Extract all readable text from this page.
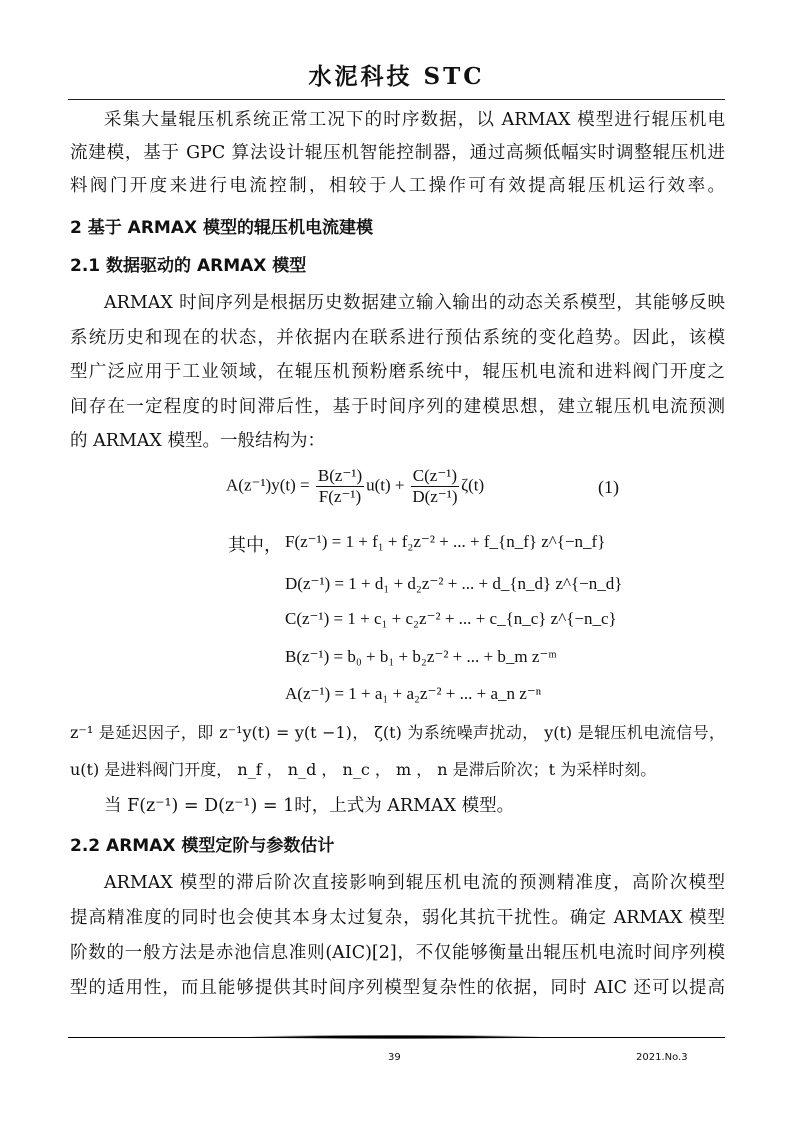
水泥科技 STC
采集大量辊压机系统正常工况下的时序数据，以 ARMAX 模型进行辊压机电
流建模，基于 GPC 算法设计辊压机智能控制器，通过高频低幅实时调整辊压机进
料阀门开度来进行电流控制，相较于人工操作可有效提高辊压机运行效率。
2 基于 ARMAX 模型的辊压机电流建模
2.1 数据驱动的 ARMAX 模型
ARMAX 时间序列是根据历史数据建立输入输出的动态关系模型，其能够反映
系统历史和现在的状态，并依据内在联系进行预估系统的变化趋势。因此，该模
型广泛应用于工业领域，在辊压机预粉磨系统中，辊压机电流和进料阀门开度之
间存在一定程度的时间滞后性，基于时间序列的建模思想，建立辊压机电流预测
的 ARMAX 模型。一般结构为：
$A(z^{-1})y(t) = \frac{\text{B(z⁻¹)}}{\text{F(z⁻¹)}} u(t) + \frac{\text{C(z⁻¹)}}{\text{D(z⁻¹)}} \zeta(t)$	(1)
其中， F(z⁻¹) = 1 + f₁ + f₂z⁻² + ... + f_{n_f} z^{−n_f}
D(z⁻¹) = 1 + d₁ + d₂z⁻² + ... + d_{n_d} z^{−n_d}
C(z⁻¹) = 1 + c₁ + c₂z⁻² + ... + c_{n_c} z^{−n_c}
B(z⁻¹) = b₀ + b₁ + b₂z⁻² + ... + b_m z⁻ᵐ
A(z⁻¹) = 1 + a₁ + a₂z⁻² + ... + a_n z⁻ⁿ
z⁻¹ 是延迟因子，即 z⁻¹y(t) = y(t −1)， ζ(t) 为系统噪声扰动， y(t) 是辊压机电流信号，
u(t) 是进料阀门开度， n_f ， n_d ， n_c ， m ， n 是滞后阶次；t 为采样时刻。
当 F(z⁻¹) = D(z⁻¹) = 1时，上式为 ARMAX 模型。
2.2 ARMAX 模型定阶与参数估计
ARMAX 模型的滞后阶次直接影响到辊压机电流的预测精准度，高阶次模型
提高精准度的同时也会使其本身太过复杂，弱化其抗干扰性。确定 ARMAX 模型
阶数的一般方法是赤池信息准则(AIC)[2]，不仅能够衡量出辊压机电流时间序列模
型的适用性，而且能够提供其时间序列模型复杂性的依据，同时 AIC 还可以提高
39	2021.No.3
